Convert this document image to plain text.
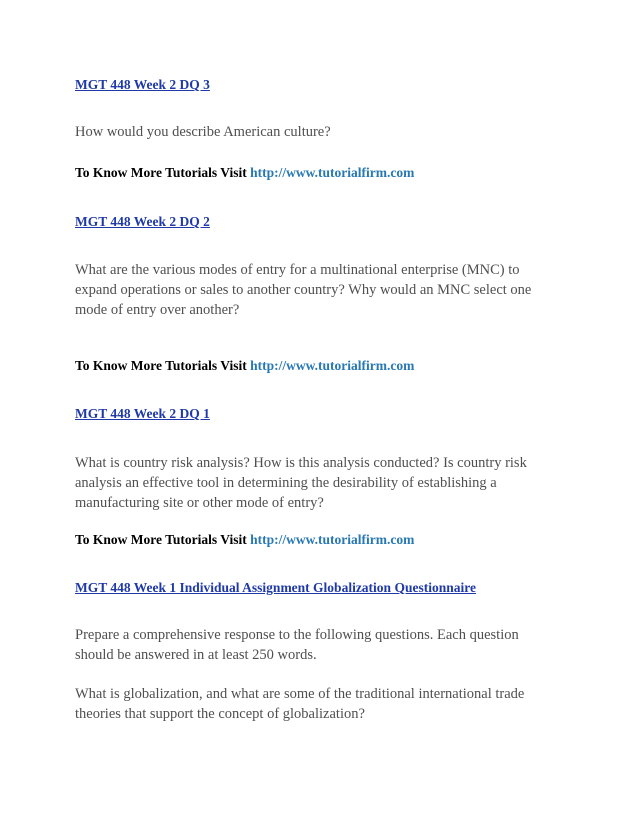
MGT 448 Week 2 DQ 3

How would you describe American culture?

To Know More Tutorials Visit http://www.tutorialfirm.com

MGT 448 Week 2 DQ 2
What are the various modes of entry for a multinational enterprise (MNC) to
expand operations or sales to another country? Why would an MNC select one
mode of entry over another?

To Know More Tutorials Visit http://www.tutorialfirm.com

MGT 448 Week 2 DQ 1
What is country risk analysis? How is this analysis conducted? Is country risk
analysis an effective tool in determining the desirability of establishing a
manufacturing site or other mode of entry?

To Know More Tutorials Visit http://www.tutorialfirm.com

MGT 448 Week 1 Individual Assignment Globalization Questionnaire
Prepare a comprehensive response to the following questions. Each question
should be answered in at least 250 words.
What is globalization, and what are some of the traditional international trade
theories that support the concept of globalization?
